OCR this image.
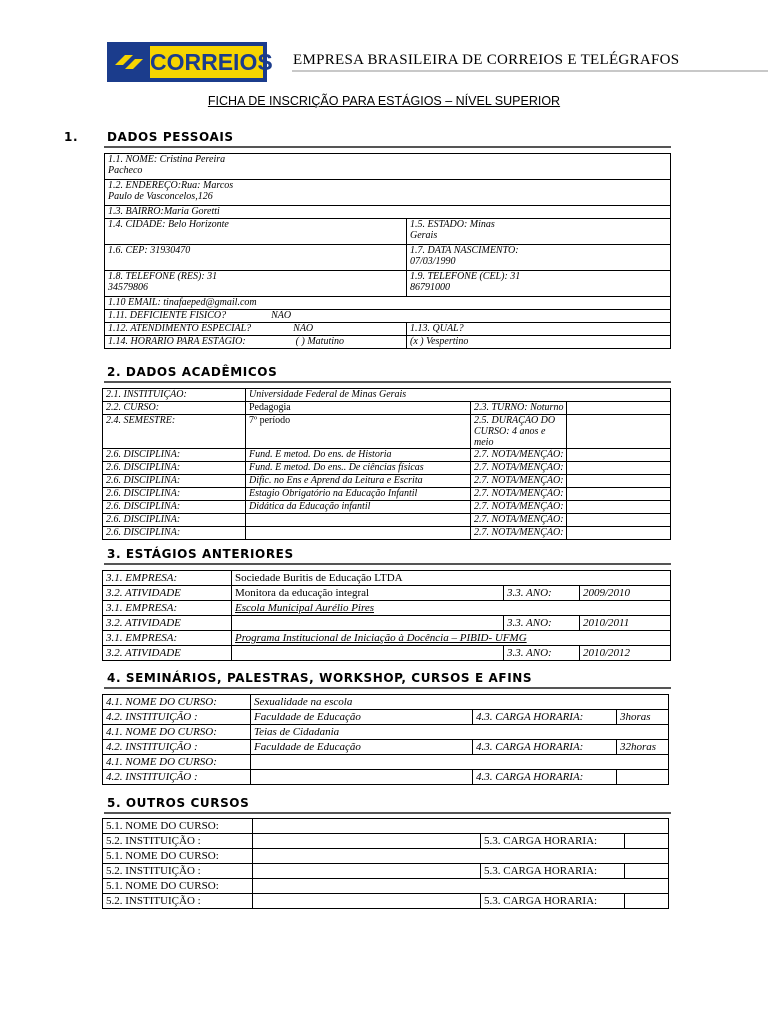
CORREIOS EMPRESA BRASILEIRA DE CORREIOS E TELÉGRAFOS
FICHA DE INSCRIÇÃO PARA ESTÁGIOS – NÍVEL SUPERIOR
1. DADOS PESSOAIS
1.1. NOME: Cristina Pereira
Pacheco	
1.2. ENDEREÇO:Rua: Marcos
Paulo de Vasconcelos,126	
1.3. BAIRRO:Maria Goretti	
1.4. CIDADE: Belo Horizonte	1.5. ESTADO: Minas
Gerais
1.6. CEP: 31930470	1.7. DATA NASCIMENTO:
07/03/1990
1.8. TELEFONE (RES): 31
34579806	1.9. TELEFONE (CEL): 31
86791000
1.10 EMAIL: tinafaeped@gmail.com	
1.11. DEFICIENTE FISICO? NÃO	
1.12. ATENDIMENTO ESPECIAL? NÃO	1.13. QUAL?
1.14. HORARIO PARA ESTÁGIO: ( ) Matutino	(x ) Vespertino
2. DADOS ACADÊMICOS
2.1. INSTITUIÇÃO:	Universidade Federal de Minas Gerais		
2.2. CURSO:	Pedagogia	2.3. TURNO: Noturno	
2.4. SEMESTRE:	7º período	2.5. DURAÇÃO DO
CURSO: 4 anos e meio	
2.6. DISCIPLINA:	Fund. E metod. Do ens. de Historia	2.7. NOTA/MENÇÃO:	
2.6. DISCIPLINA:	Fund. E metod. Do ens.. De ciências físicas	2.7. NOTA/MENÇÃO:	
2.6. DISCIPLINA:	Dific. no Ens e Aprend da Leitura e Escrita	2.7. NOTA/MENÇÃO:	
2.6. DISCIPLINA:	Estagio Obrigatório na Educação Infantil	2.7. NOTA/MENÇÃO:	
2.6. DISCIPLINA:	Didática da Educação infantil	2.7. NOTA/MENÇÃO:	
2.6. DISCIPLINA:		2.7. NOTA/MENÇÃO:	
2.6. DISCIPLINA:		2.7. NOTA/MENÇÃO:	
3. ESTÁGIOS ANTERIORES
3.1. EMPRESA:	Sociedade Buritis de Educação LTDA		
3.2. ATIVIDADE	Monitora da educação integral	3.3. ANO:	2009/2010
3.1. EMPRESA:	Escola Municipal Aurélio Pires		
3.2. ATIVIDADE		3.3. ANO:	2010/2011
3.1. EMPRESA:	Programa Institucional de Iniciação à Docência – PIBID- UFMG		
3.2. ATIVIDADE		3.3. ANO:	2010/2012
4. SEMINÁRIOS, PALESTRAS, WORKSHOP, CURSOS E AFINS
4.1. NOME DO CURSO:	Sexualidade na escola		
4.2. INSTITUIÇÃO :	Faculdade de Educação	4.3. CARGA HORARIA:	3horas
4.1. NOME DO CURSO:	Teias de Cidadania		
4.2. INSTITUIÇÃO :	Faculdade de Educação	4.3. CARGA HORARIA:	32horas
4.1. NOME DO CURSO:			
4.2. INSTITUIÇÃO :		4.3. CARGA HORARIA:	
5. OUTROS CURSOS
5.1. NOME DO CURSO:			
5.2. INSTITUIÇÃO :		5.3. CARGA HORARIA:	
5.1. NOME DO CURSO:			
5.2. INSTITUIÇÃO :		5.3. CARGA HORARIA:	
5.1. NOME DO CURSO:			
5.2. INSTITUIÇÃO :		5.3. CARGA HORARIA:	
